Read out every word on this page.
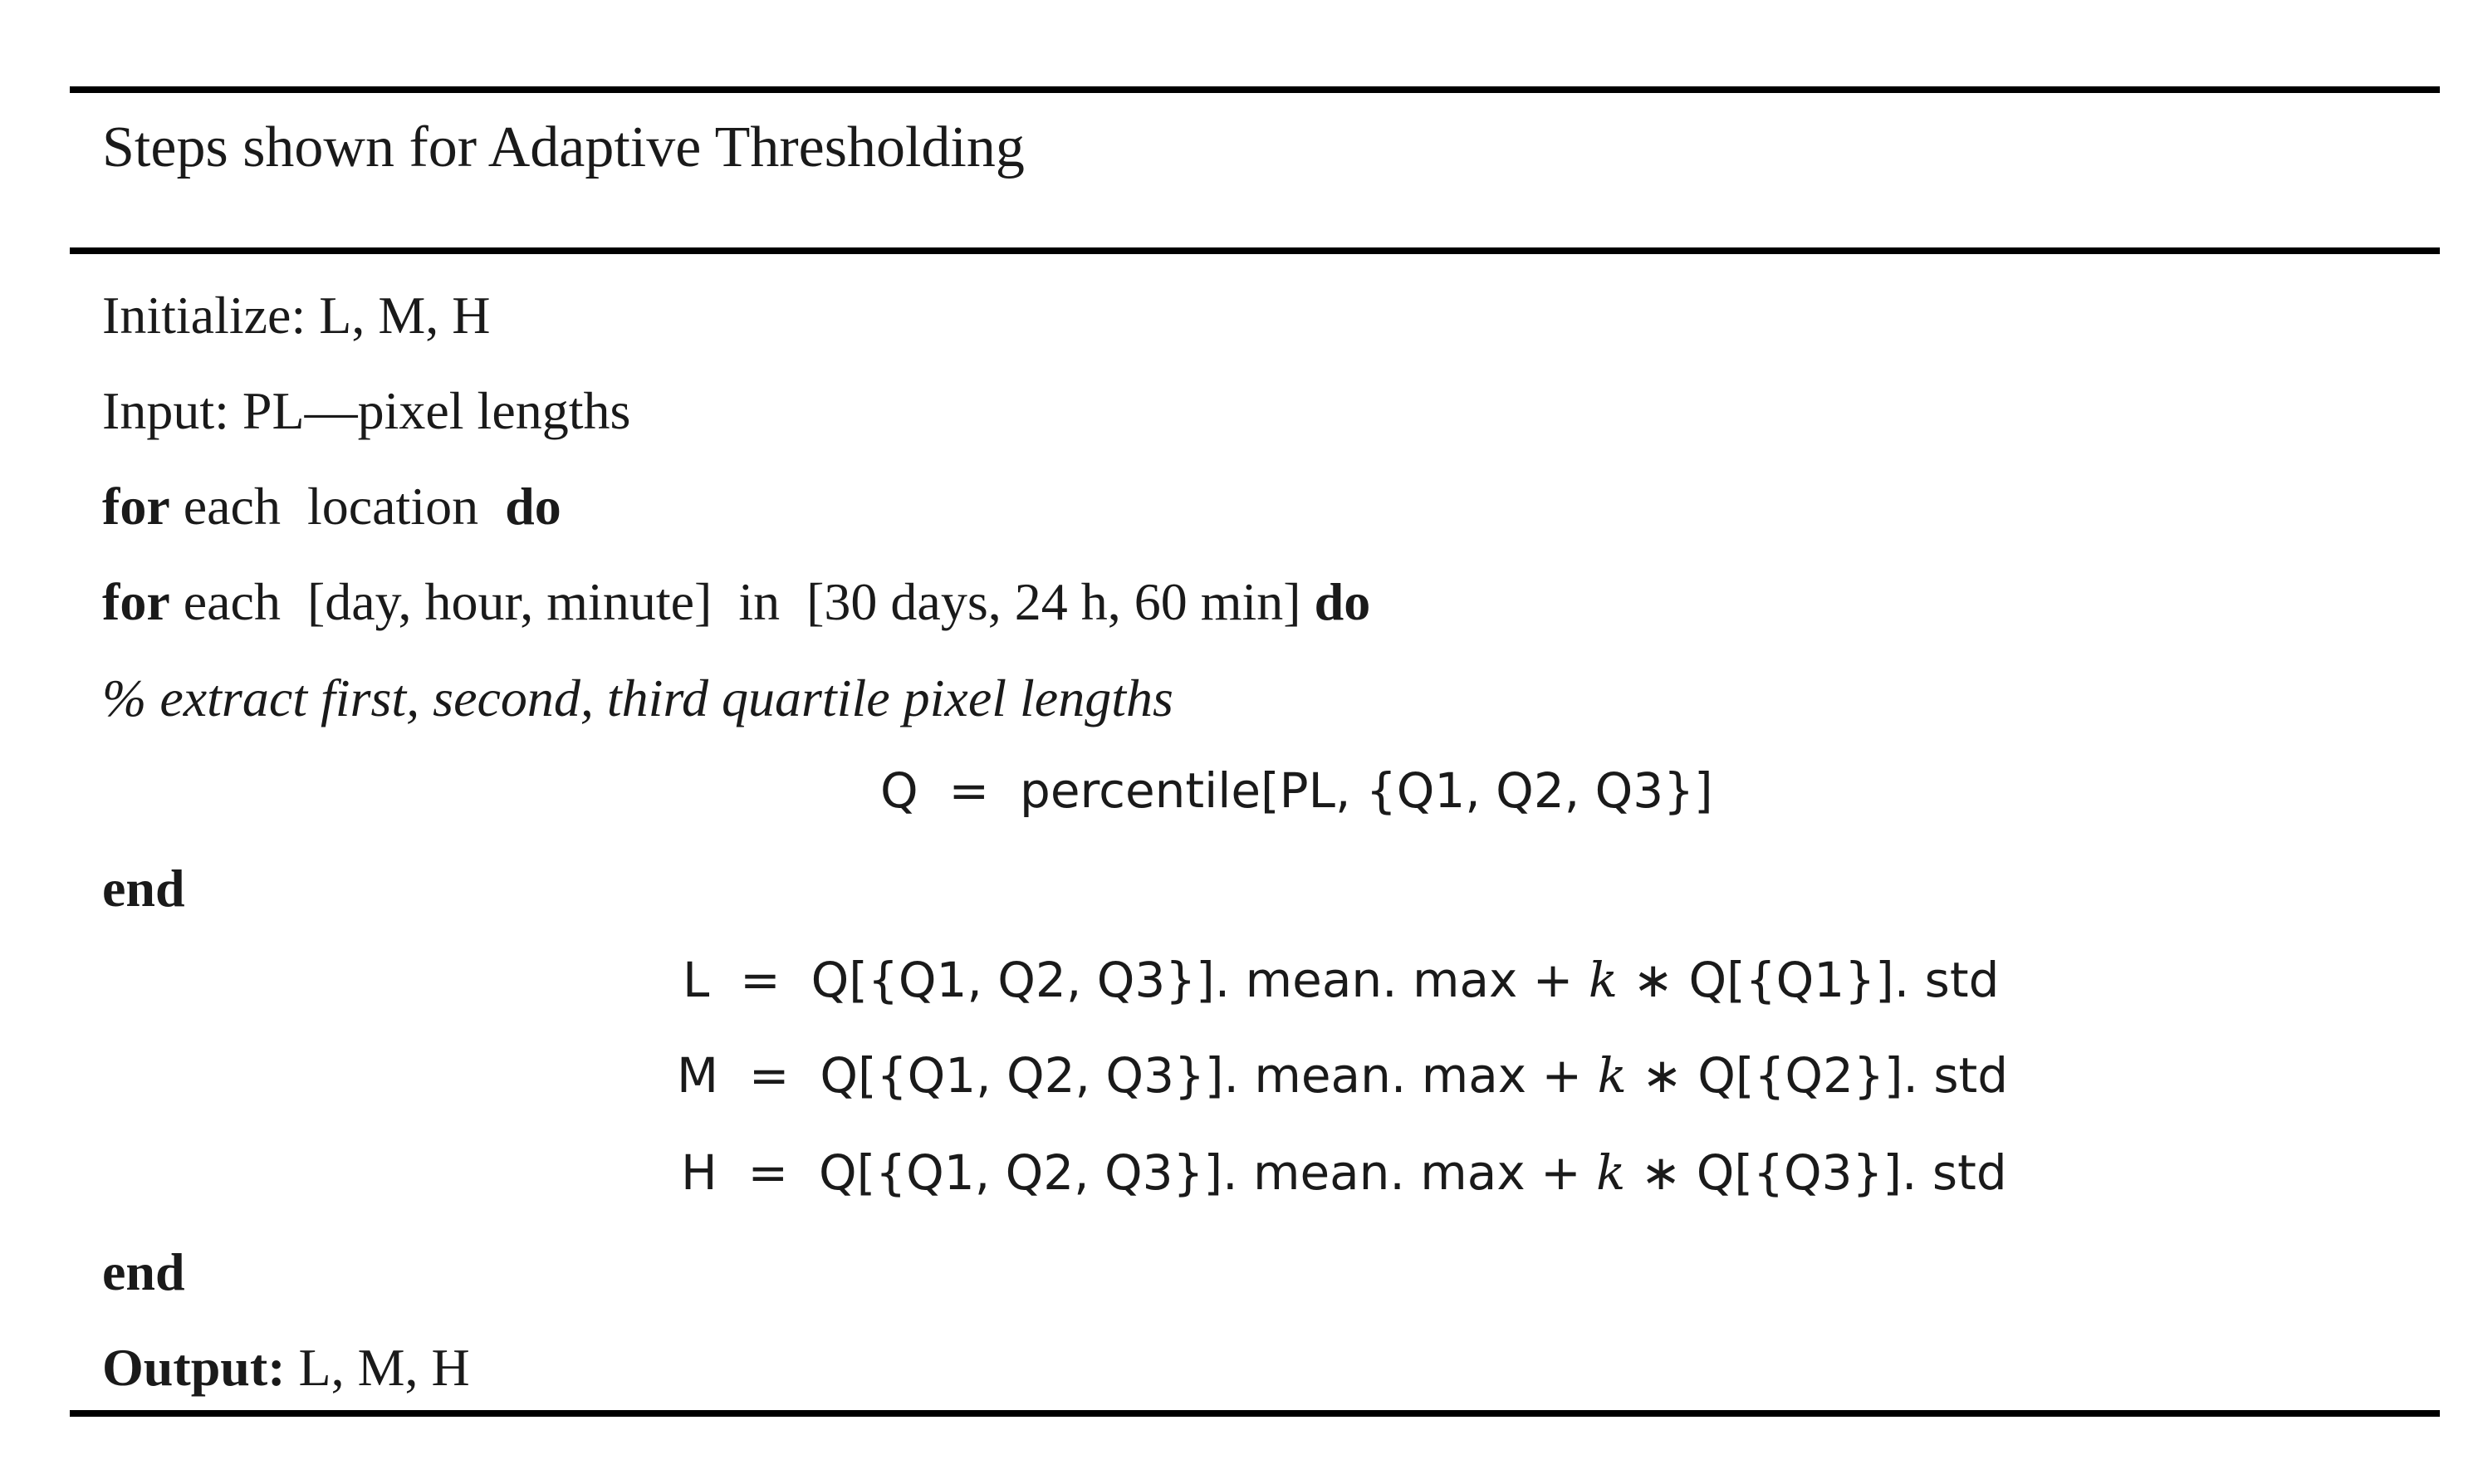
Steps shown for Adaptive Thresholding
Initialize: L, M, H
Input: PL—pixel lengths
for each  location  do
for each  [day, hour, minute]  in  [30 days, 24 h, 60 min] do
% extract first, second, third quartile pixel lengths
Q  =  percentile[PL, {Q1, Q2, Q3}]
end
L  =  Q[{Q1, Q2, Q3}]. mean. max + k ∗ Q[{Q1}]. std
M  =  Q[{Q1, Q2, Q3}]. mean. max + k ∗ Q[{Q2}]. std
H  =  Q[{Q1, Q2, Q3}]. mean. max + k ∗ Q[{Q3}]. std
end
Output: L, M, H
